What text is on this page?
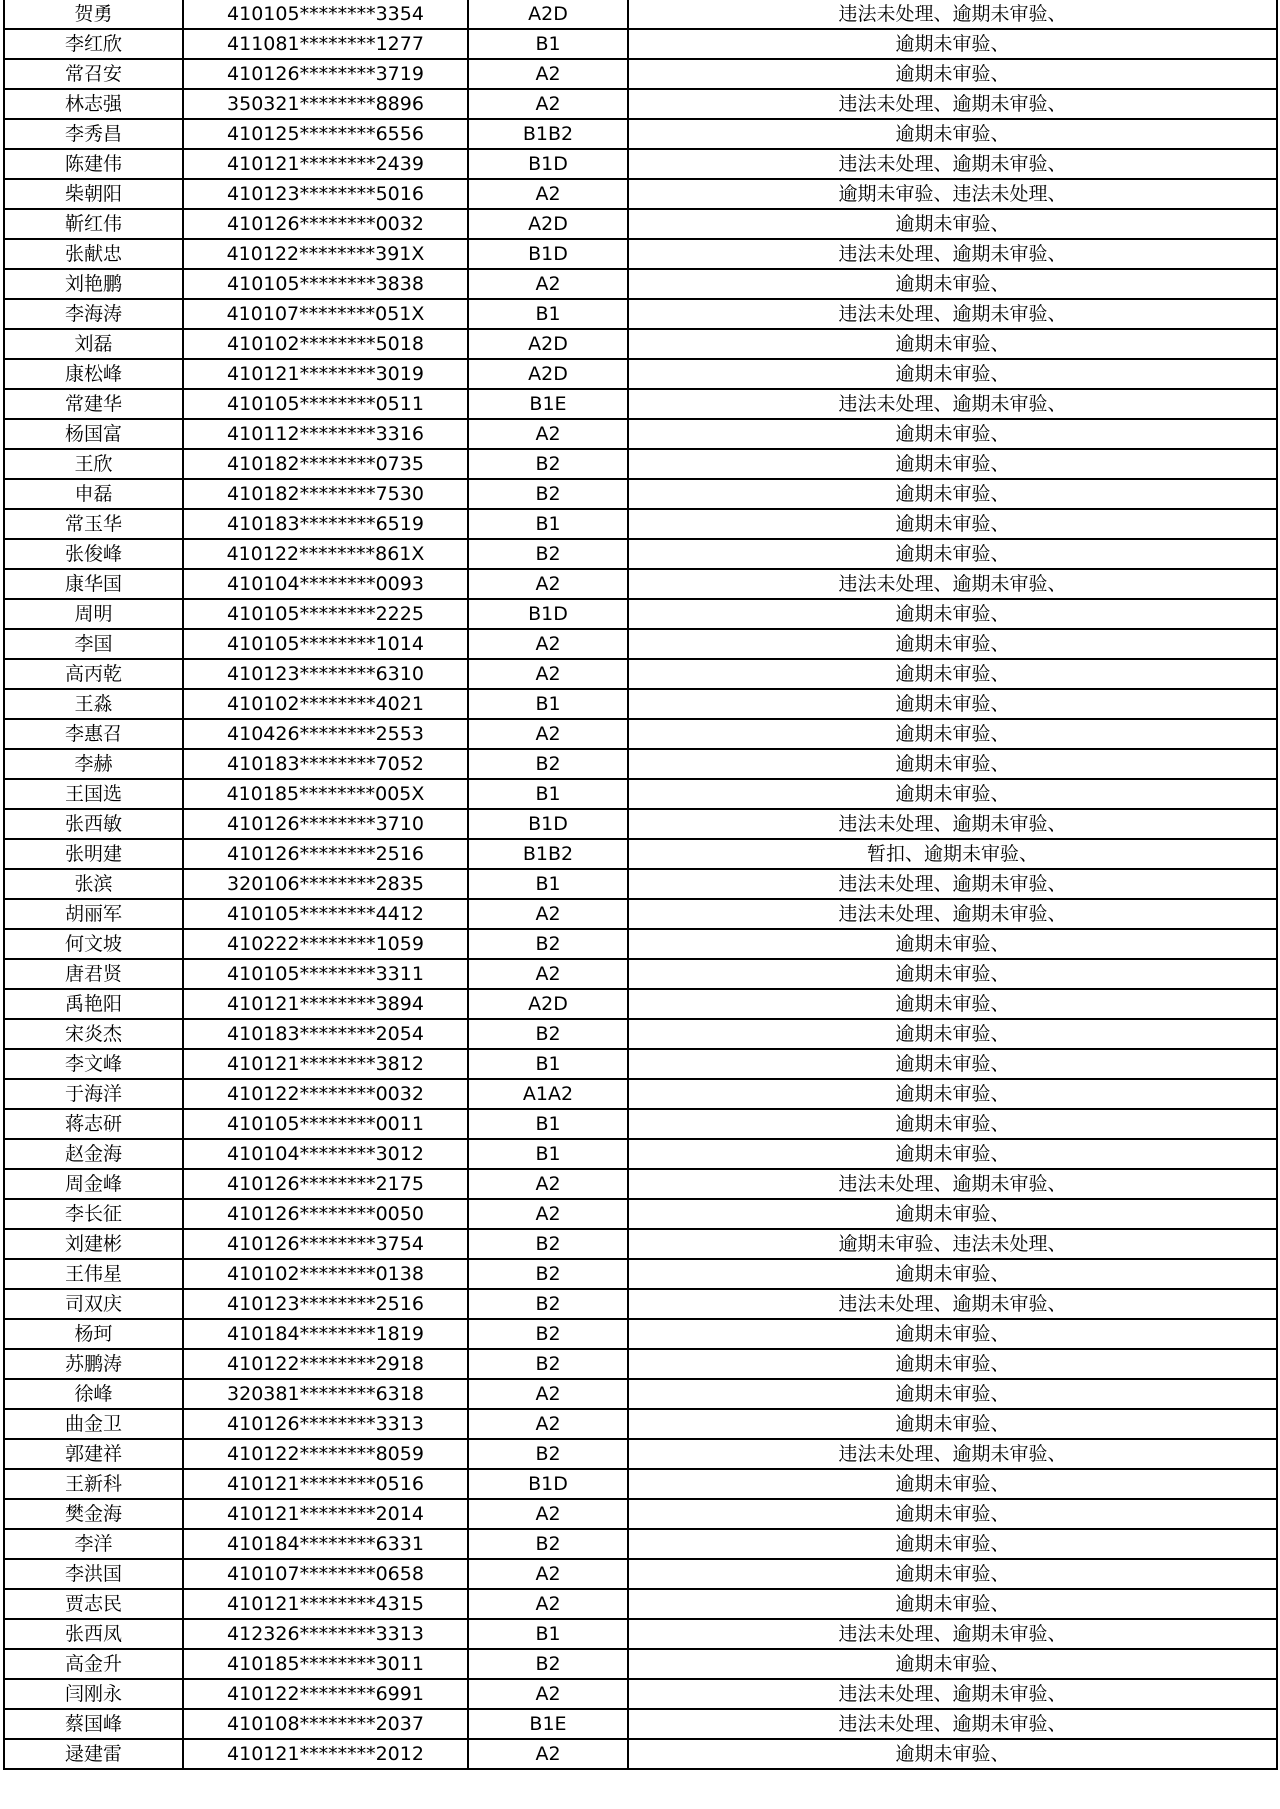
贺勇	410105********3354	A2D	违法未处理、逾期未审验、
李红欣	411081********1277	B1	逾期未审验、
常召安	410126********3719	A2	逾期未审验、
林志强	350321********8896	A2	违法未处理、逾期未审验、
李秀昌	410125********6556	B1B2	逾期未审验、
陈建伟	410121********2439	B1D	违法未处理、逾期未审验、
柴朝阳	410123********5016	A2	逾期未审验、违法未处理、
靳红伟	410126********0032	A2D	逾期未审验、
张献忠	410122********391X	B1D	违法未处理、逾期未审验、
刘艳鹏	410105********3838	A2	逾期未审验、
李海涛	410107********051X	B1	违法未处理、逾期未审验、
刘磊	410102********5018	A2D	逾期未审验、
康松峰	410121********3019	A2D	逾期未审验、
常建华	410105********0511	B1E	违法未处理、逾期未审验、
杨国富	410112********3316	A2	逾期未审验、
王欣	410182********0735	B2	逾期未审验、
申磊	410182********7530	B2	逾期未审验、
常玉华	410183********6519	B1	逾期未审验、
张俊峰	410122********861X	B2	逾期未审验、
康华国	410104********0093	A2	违法未处理、逾期未审验、
周明	410105********2225	B1D	逾期未审验、
李国	410105********1014	A2	逾期未审验、
高丙乾	410123********6310	A2	逾期未审验、
王淼	410102********4021	B1	逾期未审验、
李惠召	410426********2553	A2	逾期未审验、
李赫	410183********7052	B2	逾期未审验、
王国选	410185********005X	B1	逾期未审验、
张西敏	410126********3710	B1D	违法未处理、逾期未审验、
张明建	410126********2516	B1B2	暂扣、逾期未审验、
张滨	320106********2835	B1	违法未处理、逾期未审验、
胡丽军	410105********4412	A2	违法未处理、逾期未审验、
何文坡	410222********1059	B2	逾期未审验、
唐君贤	410105********3311	A2	逾期未审验、
禹艳阳	410121********3894	A2D	逾期未审验、
宋炎杰	410183********2054	B2	逾期未审验、
李文峰	410121********3812	B1	逾期未审验、
于海洋	410122********0032	A1A2	逾期未审验、
蒋志研	410105********0011	B1	逾期未审验、
赵金海	410104********3012	B1	逾期未审验、
周金峰	410126********2175	A2	违法未处理、逾期未审验、
李长征	410126********0050	A2	逾期未审验、
刘建彬	410126********3754	B2	逾期未审验、违法未处理、
王伟星	410102********0138	B2	逾期未审验、
司双庆	410123********2516	B2	违法未处理、逾期未审验、
杨珂	410184********1819	B2	逾期未审验、
苏鹏涛	410122********2918	B2	逾期未审验、
徐峰	320381********6318	A2	逾期未审验、
曲金卫	410126********3313	A2	逾期未审验、
郭建祥	410122********8059	B2	违法未处理、逾期未审验、
王新科	410121********0516	B1D	逾期未审验、
樊金海	410121********2014	A2	逾期未审验、
李洋	410184********6331	B2	逾期未审验、
李洪国	410107********0658	A2	逾期未审验、
贾志民	410121********4315	A2	逾期未审验、
张西凤	412326********3313	B1	违法未处理、逾期未审验、
高金升	410185********3011	B2	逾期未审验、
闫刚永	410122********6991	A2	违法未处理、逾期未审验、
蔡国峰	410108********2037	B1E	违法未处理、逾期未审验、
逯建雷	410121********2012	A2	逾期未审验、
